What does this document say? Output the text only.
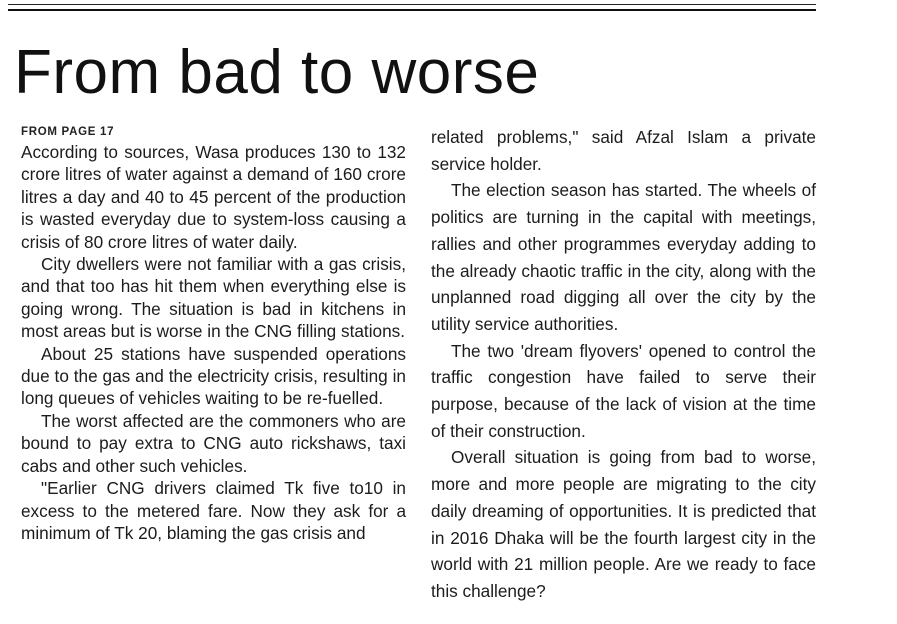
From bad to worse
FROM PAGE 17

According to sources, Wasa produces 130 to 132 crore litres of water against a demand of 160 crore litres a day and 40 to 45 percent of the production is wasted everyday due to system-loss causing a crisis of 80 crore litres of water daily.

City dwellers were not familiar with a gas crisis, and that too has hit them when everything else is going wrong. The situation is bad in kitchens in most areas but is worse in the CNG filling stations.

About 25 stations have suspended operations due to the gas and the electricity crisis, resulting in long queues of vehicles waiting to be re-fuelled.

The worst affected are the commoners who are bound to pay extra to CNG auto rickshaws, taxi cabs and other such vehicles.

"Earlier CNG drivers claimed Tk five to10 in excess to the metered fare. Now they ask for a minimum of Tk 20, blaming the gas crisis and

related problems," said Afzal Islam a private service holder.

The election season has started. The wheels of politics are turning in the capital with meetings, rallies and other programmes everyday adding to the already chaotic traffic in the city, along with the unplanned road digging all over the city by the utility service authorities.

The two 'dream flyovers' opened to control the traffic congestion have failed to serve their purpose, because of the lack of vision at the time of their construction.

Overall situation is going from bad to worse, more and more people are migrating to the city daily dreaming of opportunities. It is predicted that in 2016 Dhaka will be the fourth largest city in the world with 21 million people. Are we ready to face this challenge?
